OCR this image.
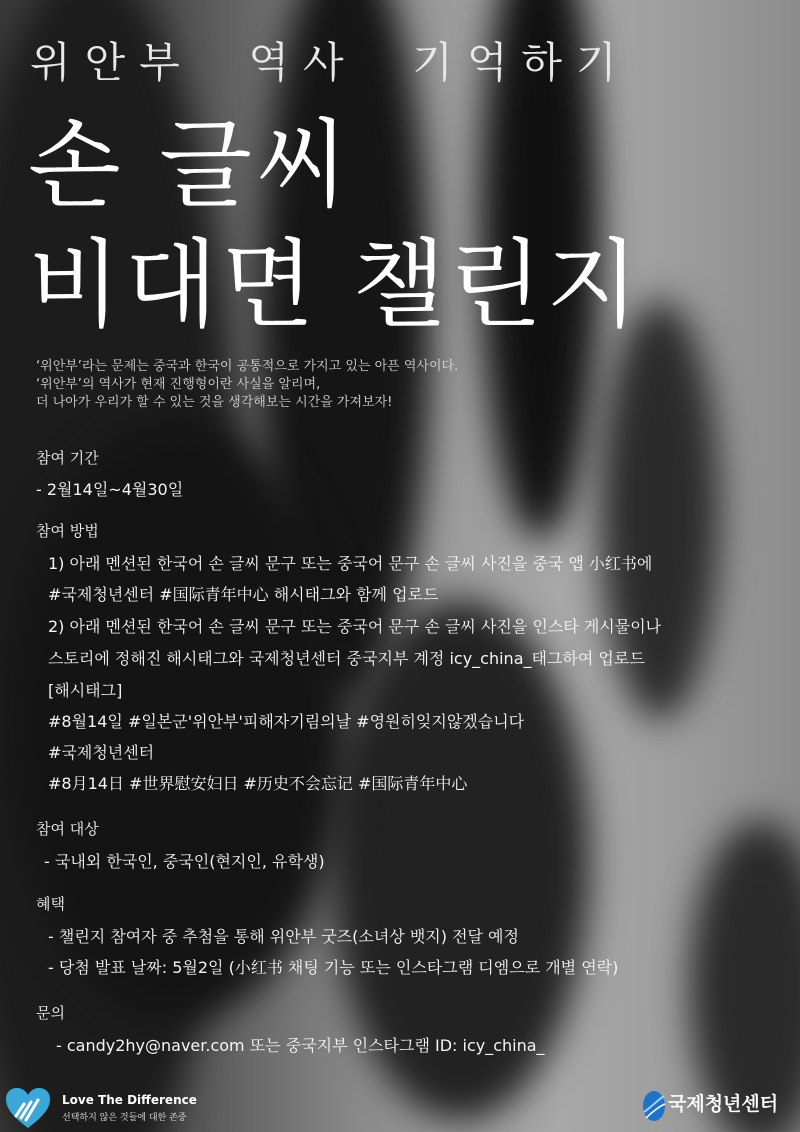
위안부  역사  기억하기
손 글씨
비대면 챌린지
‘위안부’라는 문제는 중국과 한국이 공통적으로 가지고 있는 아픈 역사이다.
‘위안부’의 역사가 현재 진행형이란 사실을 알리며,
더 나아가 우리가 할 수 있는 것을 생각해보는 시간을 가져보자!
참여 기간
- 2월14일~4월30일
참여 방법
1) 아래 멘션된 한국어 손 글씨 문구 또는 중국어 문구 손 글씨 사진을 중국 앱 小红书에
#국제청년센터 #国际青年中心 해시태그와 함께 업로드
2) 아래 멘션된 한국어 손 글씨 문구 또는 중국어 문구 손 글씨 사진을 인스타 게시물이나
스토리에 정해진 해시태그와 국제청년센터 중국지부 계정 icy_china_태그하여 업로드
[해시태그]
#8월14일 #일본군'위안부'피해자기림의날 #영원히잊지않겠습니다
#국제청년센터
#8月14日 #世界慰安妇日 #历史不会忘记 #国际青年中心
참여 대상
- 국내외 한국인, 중국인(현지인, 유학생)
혜택
- 챌린지 참여자 중 추첨을 통해 위안부 굿즈(소녀상 뱃지) 전달 예정
- 당첨 발표 날짜: 5월2일 (小红书 채팅 기능 또는 인스타그램 디엠으로 개별 연락)
문의
- candy2hy@naver.com 또는 중국지부 인스타그램 ID: icy_china_
Love The Difference
선택하지 않은 것들에 대한 존중
국제청년센터
